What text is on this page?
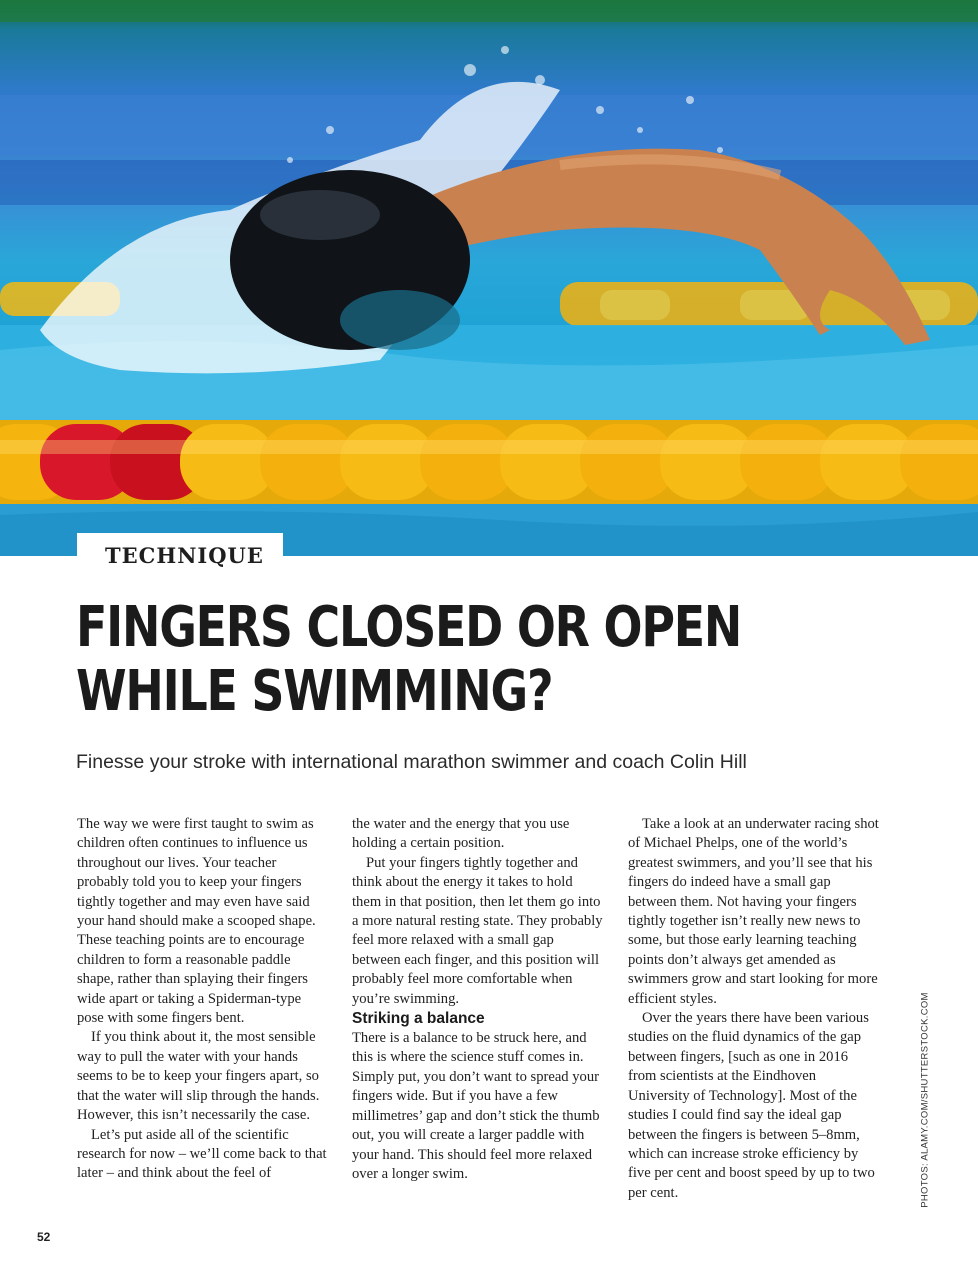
TECHNIQUE
FINGERS CLOSED OR OPEN
WHILE SWIMMING?
Finesse your stroke with international marathon swimmer and coach Colin Hill

The way we were first taught to swim as children often continues to influence us throughout our lives. Your teacher probably told you to keep your fingers tightly together and may even have said your hand should make a scooped shape. These teaching points are to encourage children to form a reasonable paddle shape, rather than splaying their fingers wide apart or taking a Spiderman-type pose with some fingers bent.

If you think about it, the most sensible way to pull the water with your hands seems to be to keep your fingers apart, so that the water will slip through the hands. However, this isn’t necessarily the case.

Let’s put aside all of the scientific research for now – we’ll come back to that later – and think about the feel of

the water and the energy that you use holding a certain position.

Put your fingers tightly together and think about the energy it takes to hold them in that position, then let them go into a more natural resting state. They probably feel more relaxed with a small gap between each finger, and this position will probably feel more comfortable when you’re swimming.

Striking a balance

There is a balance to be struck here, and this is where the science stuff comes in. Simply put, you don’t want to spread your fingers wide. But if you have a few millimetres’ gap and don’t stick the thumb out, you will create a larger paddle with your hand. This should feel more relaxed over a longer swim.

Take a look at an underwater racing shot of Michael Phelps, one of the world’s greatest swimmers, and you’ll see that his fingers do indeed have a small gap between them. Not having your fingers tightly together isn’t really new news to some, but those early learning teaching points don’t always get amended as swimmers grow and start looking for more efficient styles.

Over the years there have been various studies on the fluid dynamics of the gap between fingers, [such as one in 2016 from scientists at the Eindhoven University of Technology]. Most of the studies I could find say the ideal gap between the fingers is between 5–8mm, which can increase stroke efficiency by five per cent and boost speed by up to two per cent.	PHOTOS: ALAMY.COM/SHUTTERSTOCK.COM
52
